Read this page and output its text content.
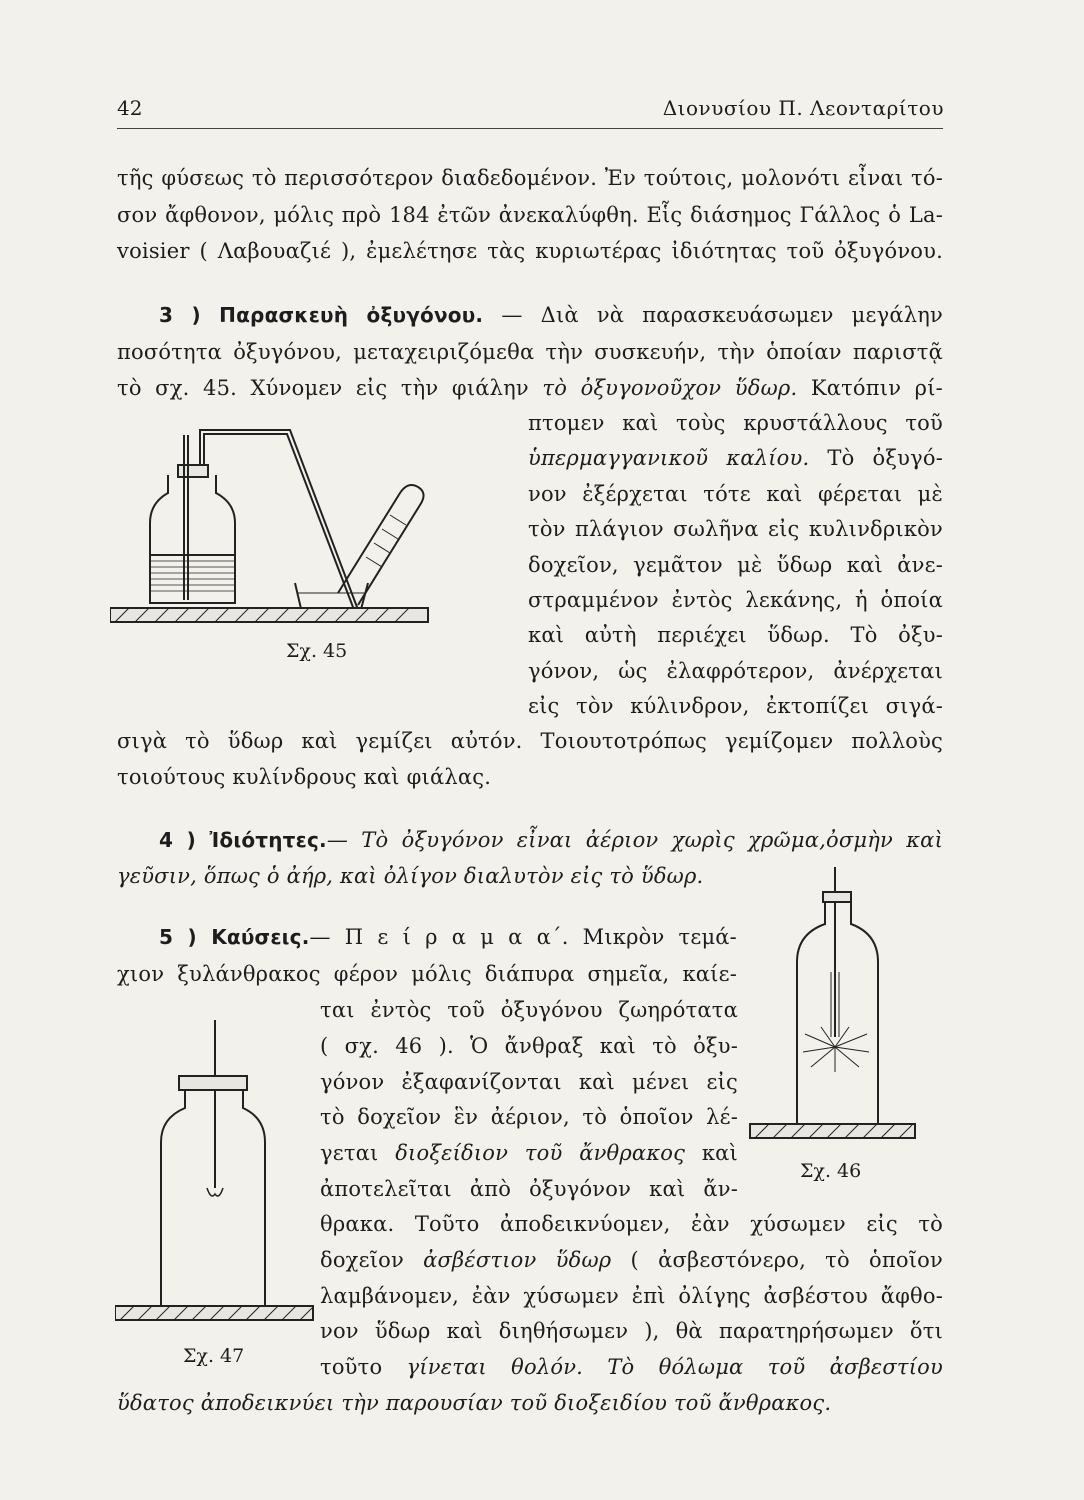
42	Διονυσίου Π. Λεονταρίτου
τῆς φύσεως τὸ περισσότερον διαδεδομένον. Ἐν τούτοις, μολονότι εἶναι τό-
σον ἄφθονον, μόλις πρὸ 184 ἐτῶν ἀνεκαλύφθη. Εἷς διάσημος Γάλλος ὁ La-
voisier ( Λαβουαζιέ ), ἐμελέτησε τὰς κυριωτέρας ἰδιότητας τοῦ ὀξυγόνου.
3 ) Παρασκευὴ ὀξυγόνου. — Διὰ νὰ παρασκευάσωμεν μεγάλην
ποσότητα ὀξυγόνου, μεταχειριζόμεθα τὴν συσκευήν, τὴν ὁποίαν παριστᾷ
τὸ σχ. 45. Χύνομεν εἰς τὴν φιάλην τὸ ὀξυγονοῦχον ὕδωρ. Κατόπιν ρί-
πτομεν καὶ τοὺς κρυστάλλους τοῦ
ὑπερμαγγανικοῦ καλίου. Τὸ ὀξυγό-
νον ἐξέρχεται τότε καὶ φέρεται μὲ
τὸν πλάγιον σωλῆνα εἰς κυλινδρικὸν
δοχεῖον, γεμᾶτον μὲ ὕδωρ καὶ ἀνε-
στραμμένον ἐντὸς λεκάνης, ἡ ὁποία
καὶ αὐτὴ περιέχει ὕδωρ. Τὸ ὀξυ-
γόνον, ὡς ἐλαφρότερον, ἀνέρχεται
εἰς τὸν κύλινδρον, ἐκτοπίζει σιγά-
σιγὰ τὸ ὕδωρ καὶ γεμίζει αὐτόν. Τοιουτοτρόπως γεμίζομεν πολλοὺς
τοιούτους κυλίνδρους καὶ φιάλας.
Σχ. 45
4 ) Ἰδιότητες.— Τὸ ὀξυγόνον εἶναι ἀέριον χωρὶς χρῶμα,ὀσμὴν καὶ
γεῦσιν, ὅπως ὁ ἀήρ, καὶ ὀλίγον διαλυτὸν εἰς τὸ ὕδωρ.
5 ) Καύσεις.— Π ε ί ρ α μ α α΄. Μικρὸν τεμά-
χιον ξυλάνθρακος φέρον μόλις διάπυρα σημεῖα, καίε-
ται ἐντὸς τοῦ ὀξυγόνου ζωηρότατα
( σχ. 46 ). Ὁ ἄνθραξ καὶ τὸ ὀξυ-
γόνον ἐξαφανίζονται καὶ μένει εἰς
τὸ δοχεῖον ἓν ἀέριον, τὸ ὁποῖον λέ-
γεται διοξείδιον τοῦ ἄνθρακος καὶ
ἀποτελεῖται ἀπὸ ὀξυγόνον καὶ ἄν-
θρακα. Τοῦτο ἀποδεικνύομεν, ἐὰν χύσωμεν εἰς τὸ
δοχεῖον ἀσβέστιον ὕδωρ ( ἀσβεστόνερο, τὸ ὁποῖον
λαμβάνομεν, ἐὰν χύσωμεν ἐπὶ ὀλίγης ἀσβέστου ἄφθο-
νον ὕδωρ καὶ διηθήσωμεν ), θὰ παρατηρήσωμεν ὅτι
τοῦτο γίνεται θολόν. Τὸ θόλωμα τοῦ ἀσβεστίου
ὕδατος ἀποδεικνύει τὴν παρουσίαν τοῦ διοξειδίου τοῦ ἄνθρακος.
Σχ. 46
Σχ. 47
